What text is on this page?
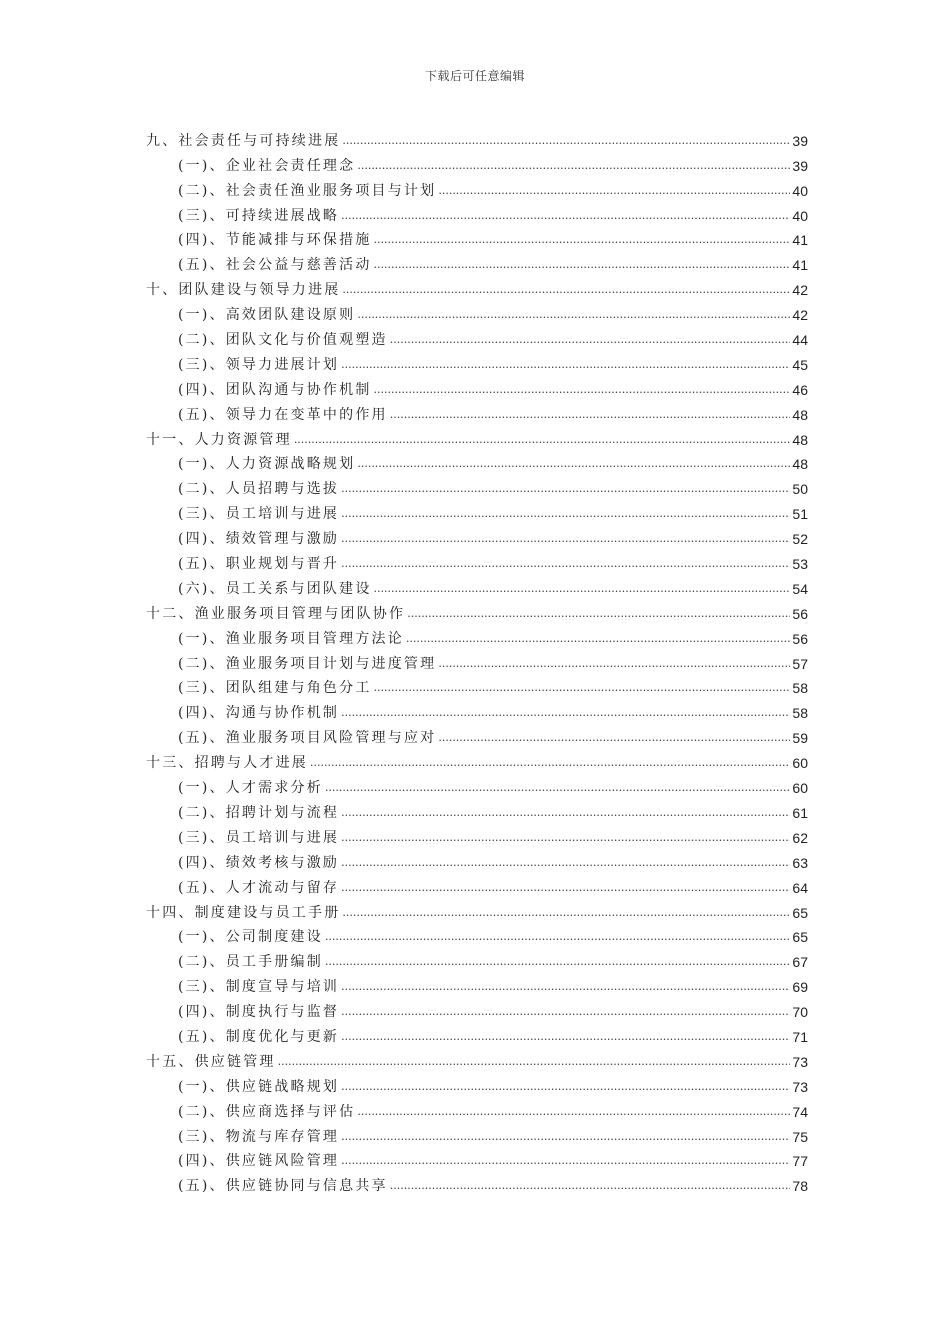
下载后可任意编辑
九、社会责任与可持续进展 .....	39
(一)、企业社会责任理念 .....	39
(二)、社会责任渔业服务项目与计划 .....	40
(三)、可持续进展战略 .....	40
(四)、节能减排与环保措施 .....	41
(五)、社会公益与慈善活动 .....	41
十、团队建设与领导力进展 .....	42
(一)、高效团队建设原则 .....	42
(二)、团队文化与价值观塑造 .....	44
(三)、领导力进展计划 .....	45
(四)、团队沟通与协作机制 .....	46
(五)、领导力在变革中的作用 .....	48
十一、人力资源管理 .....	48
(一)、人力资源战略规划 .....	48
(二)、人员招聘与选拔 .....	50
(三)、员工培训与进展 .....	51
(四)、绩效管理与激励 .....	52
(五)、职业规划与晋升 .....	53
(六)、员工关系与团队建设 .....	54
十二、渔业服务项目管理与团队协作 .....	56
(一)、渔业服务项目管理方法论 .....	56
(二)、渔业服务项目计划与进度管理 .....	57
(三)、团队组建与角色分工 .....	58
(四)、沟通与协作机制 .....	58
(五)、渔业服务项目风险管理与应对 .....	59
十三、招聘与人才进展 .....	60
(一)、人才需求分析 .....	60
(二)、招聘计划与流程 .....	61
(三)、员工培训与进展 .....	62
(四)、绩效考核与激励 .....	63
(五)、人才流动与留存 .....	64
十四、制度建设与员工手册 .....	65
(一)、公司制度建设 .....	65
(二)、员工手册编制 .....	67
(三)、制度宣导与培训 .....	69
(四)、制度执行与监督 .....	70
(五)、制度优化与更新 .....	71
十五、供应链管理 .....	73
(一)、供应链战略规划 .....	73
(二)、供应商选择与评估 .....	74
(三)、物流与库存管理 .....	75
(四)、供应链风险管理 .....	77
(五)、供应链协同与信息共享 .....	78
